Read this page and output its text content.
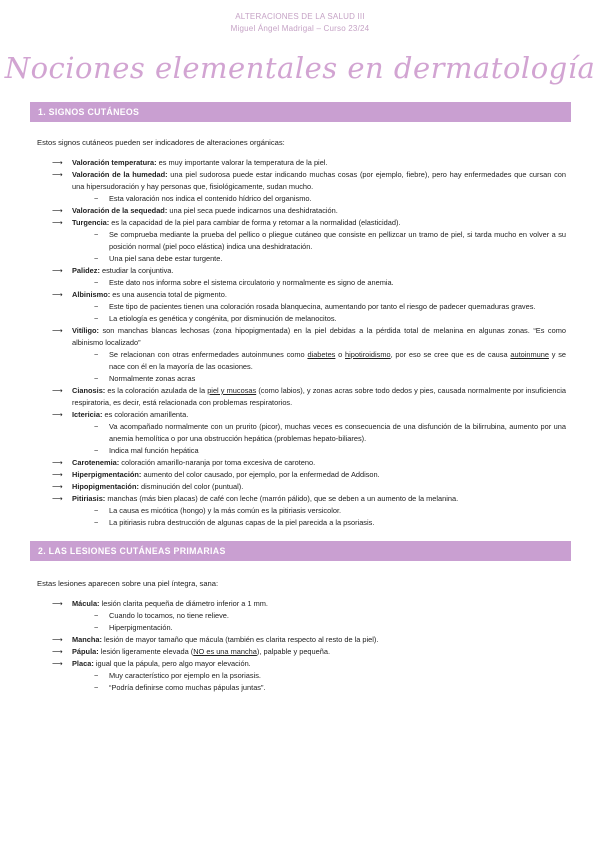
ALTERACIONES DE LA SALUD III
Miguel Ángel Madrigal – Curso 23/24
Nociones elementales en dermatología
1. SIGNOS CUTÁNEOS
Estos signos cutáneos pueden ser indicadores de alteraciones orgánicas:
⟶ Valoración temperatura: es muy importante valorar la temperatura de la piel.
⟶ Valoración de la humedad: una piel sudorosa puede estar indicando muchas cosas (por ejemplo, fiebre), pero hay enfermedades que cursan con una hipersudoración y hay personas que, fisiológicamente, sudan mucho.
− Esta valoración nos indica el contenido hídrico del organismo.
⟶ Valoración de la sequedad: una piel seca puede indicarnos una deshidratación.
⟶ Turgencia: es la capacidad de la piel para cambiar de forma y retomar a la normalidad (elasticidad).
− Se comprueba mediante la prueba del pellico o pliegue cutáneo que consiste en pellizcar un tramo de piel, si tarda mucho en volver a su posición normal (piel poco elástica) indica una deshidratación.
− Una piel sana debe estar turgente.
⟶ Palidez: estudiar la conjuntiva.
− Este dato nos informa sobre el sistema circulatorio y normalmente es signo de anemia.
⟶ Albinismo: es una ausencia total de pigmento.
− Este tipo de pacientes tienen una coloración rosada blanquecina, aumentando por tanto el riesgo de padecer quemaduras graves.
− La etiología es genética y congénita, por disminución de melanocitos.
⟶ Vitíligo: son manchas blancas lechosas (zona hipopigmentada) en la piel debidas a la pérdida total de melanina en algunas zonas. “Es como albinismo localizado”
− Se relacionan con otras enfermedades autoinmunes como diabetes o hipotiroidismo, por eso se cree que es de causa autoinmune y se nace con él en la mayoría de las ocasiones.
− Normalmente zonas acras
⟶ Cianosis: es la coloración azulada de la piel y mucosas (como labios), y zonas acras sobre todo dedos y pies, causada normalmente por insuficiencia respiratoria, es decir, está relacionada con problemas respiratorios.
⟶ Ictericia: es coloración amarillenta.
− Va acompañado normalmente con un prurito (picor), muchas veces es consecuencia de una disfunción de la bilirrubina, aumento por una anemia hemolítica o por una obstrucción hepática (problemas hepato-biliares).
− Indica mal función hepática
⟶ Carotenemia: coloración amarillo-naranja por toma excesiva de caroteno.
⟶ Hiperpigmentación: aumento del color causado, por ejemplo, por la enfermedad de Addison.
⟶ Hipopigmentación: disminución del color (puntual).
⟶ Pitiriasis: manchas (más bien placas) de café con leche (marrón pálido), que se deben a un aumento de la melanina.
− La causa es micótica (hongo) y la más común es la pitiriasis versicolor.
− La pitiriasis rubra destrucción de algunas capas de la piel parecida a la psoriasis.
2. LAS LESIONES CUTÁNEAS PRIMARIAS
Estas lesiones aparecen sobre una piel íntegra, sana:
⟶ Mácula: lesión clarita pequeña de diámetro inferior a 1 mm.
− Cuando lo tocamos, no tiene relieve.
− Hiperpigmentación.
⟶ Mancha: lesión de mayor tamaño que mácula (también es clarita respecto al resto de la piel).
⟶ Pápula: lesión ligeramente elevada (NO es una mancha), palpable y pequeña.
⟶ Placa: igual que la pápula, pero algo mayor elevación.
− Muy característico por ejemplo en la psoriasis.
− “Podría definirse como muchas pápulas juntas”.
